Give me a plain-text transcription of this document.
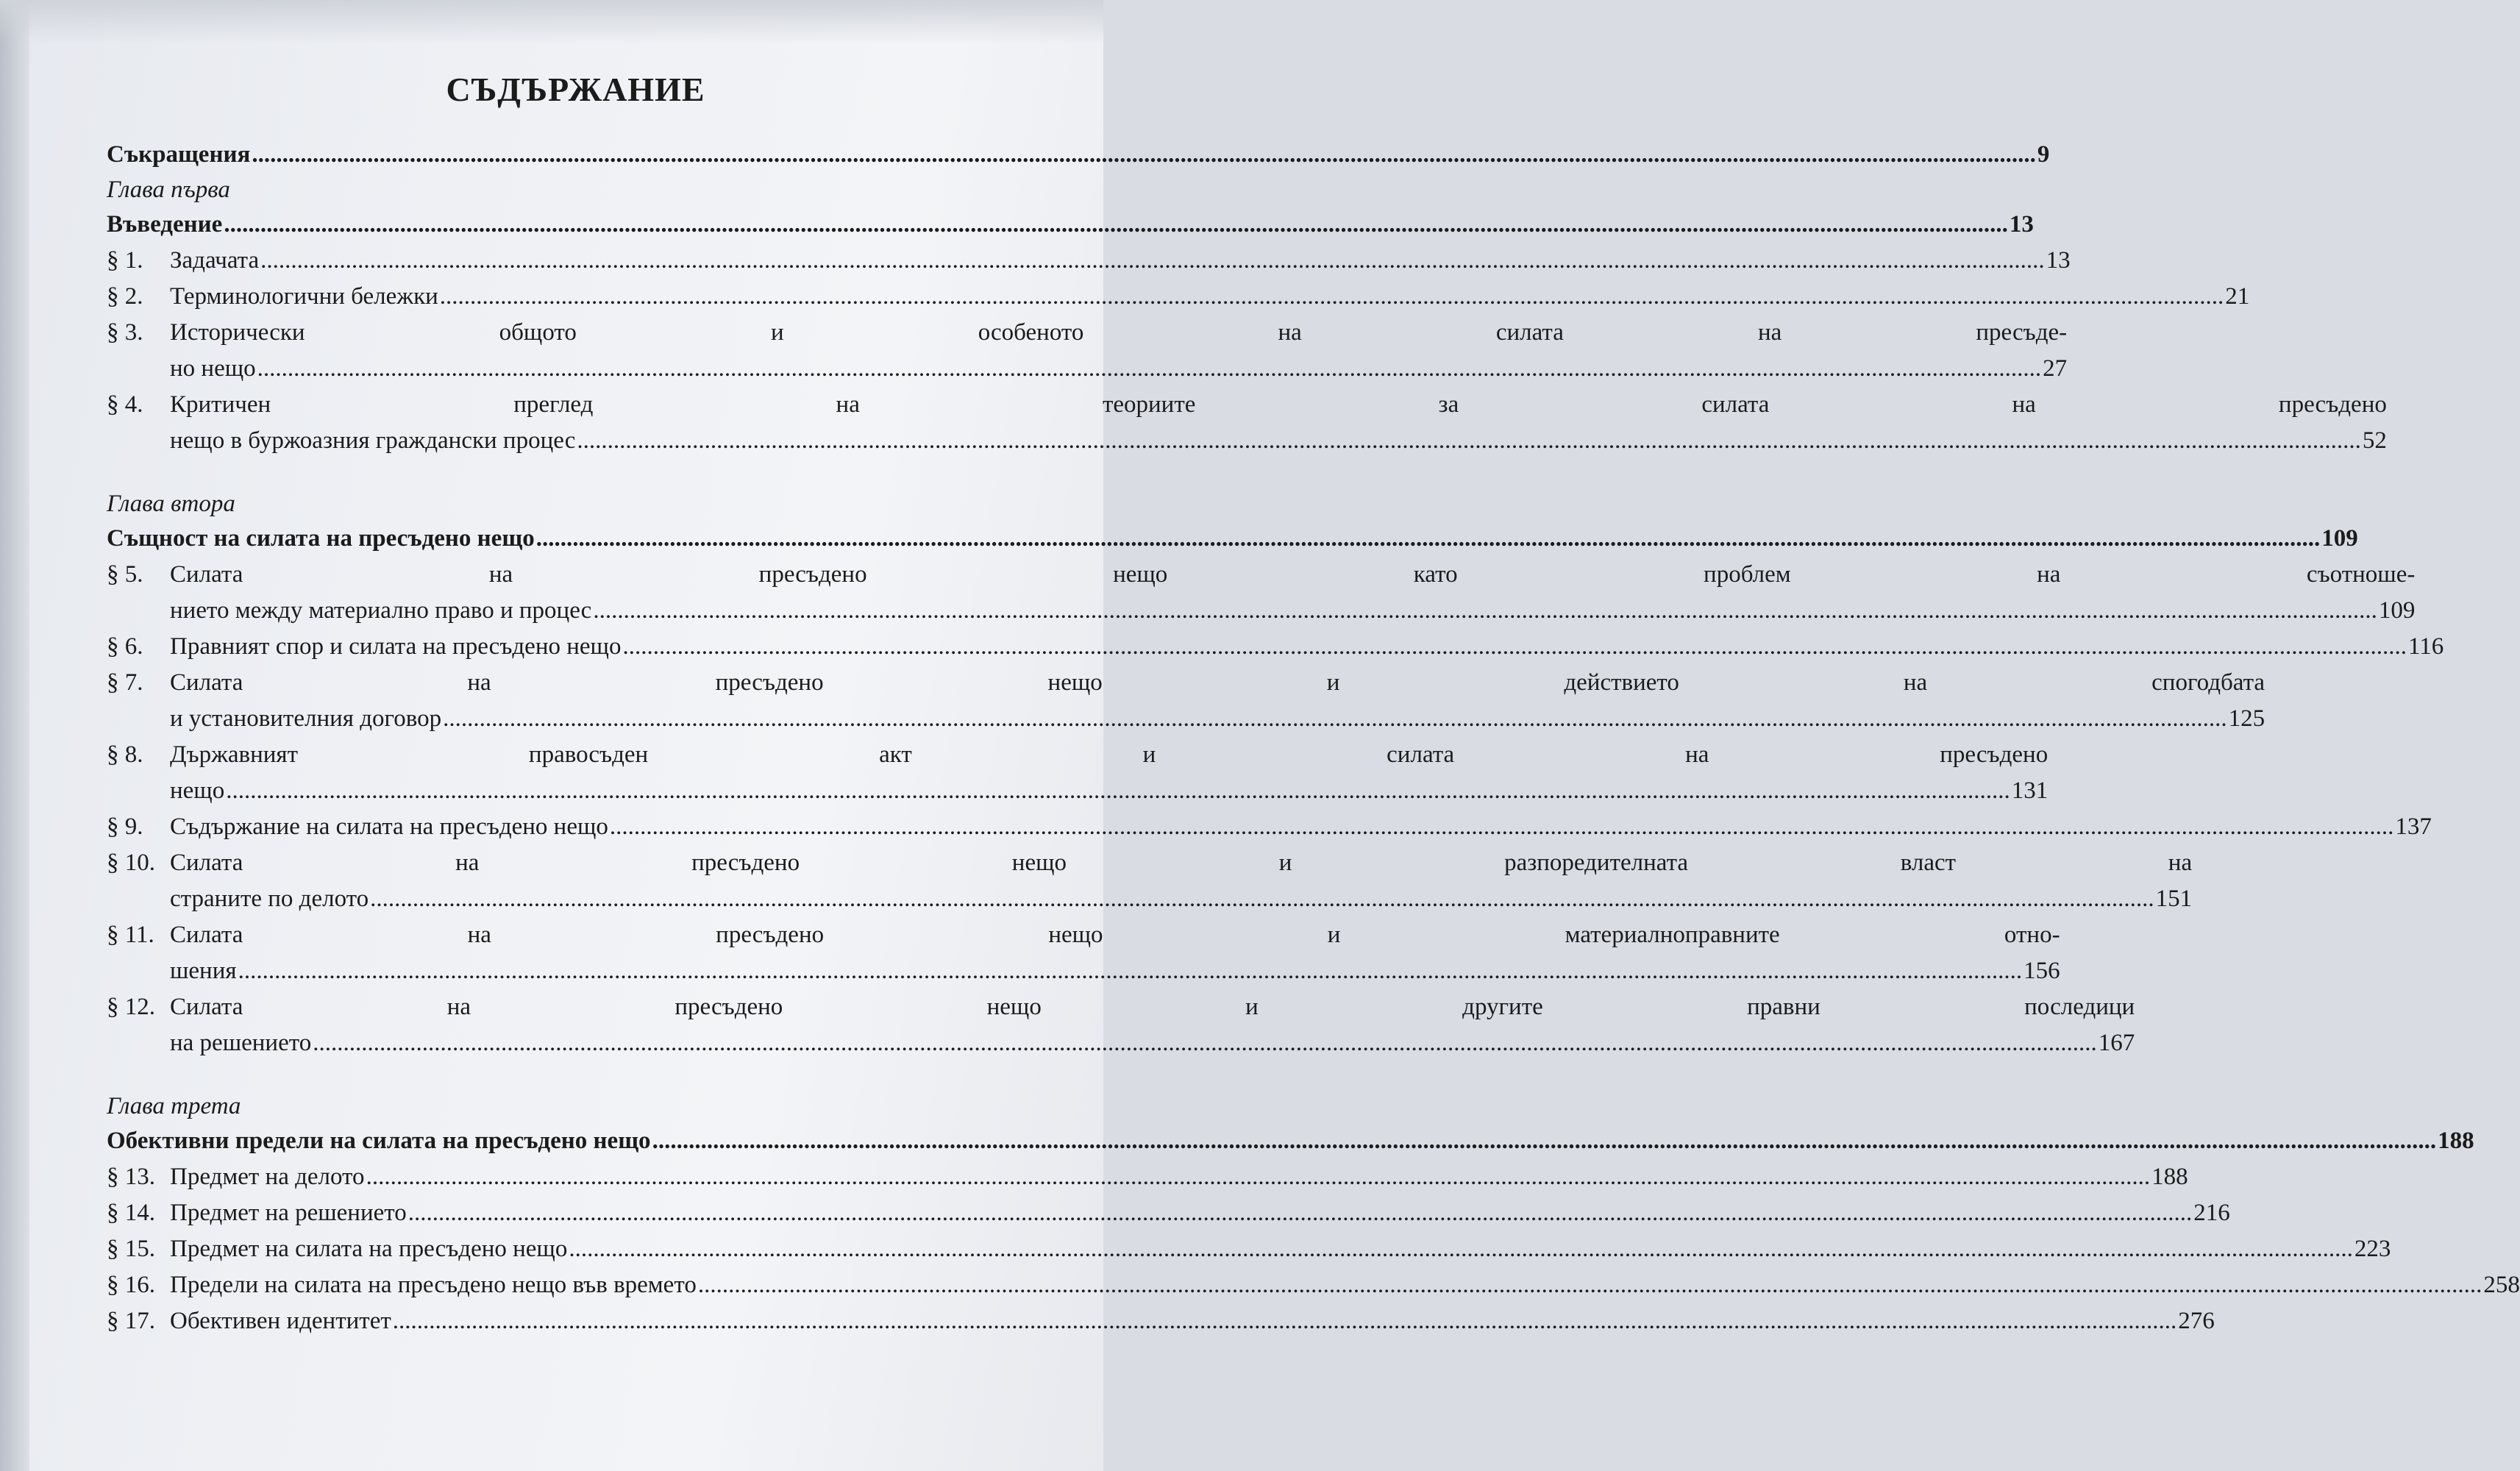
СЪДЪРЖАНИЕ
Съкращения .....	9
Глава първа
Въведение .....	13
§ 1.	Задачата .....	13
§ 2.	Терминологични бележки .....	21
§ 3.	Исторически общото и особеното на силата на пресъде-
но нещо .....	27
§ 4.	Критичен преглед на теориите за силата на пресъдено
нещо в буржоазния граждански процес .....	52
Глава втора
Същност на силата на пресъдено нещо .....	109
§ 5.	Силата на пресъдено нещо като проблем на съотноше-
нието между материално право и процес .....	109
§ 6.	Правният спор и силата на пресъдено нещо .....	116
§ 7.	Силата на пресъдено нещо и действието на спогодбата
и установителния договор .....	125
§ 8.	Държавният правосъден акт и силата на пресъдено
нещо .....	131
§ 9.	Съдържание на силата на пресъдено нещо .....	137
§ 10. Силата на пресъдено нещо и разпоредителната власт на
страните по делото .....	151
§ 11. Силата на пресъдено нещо и материалноправните отно-
шения .....	156
§ 12. Силата на пресъдено нещо и другите правни последици
на решението .....	167
Глава трета
Обективни предели на силата на пресъдено нещо .....	188
§ 13. Предмет на делото .....	188
§ 14. Предмет на решението .....	216
§ 15. Предмет на силата на пресъдено нещо .....	223
§ 16. Предели на силата на пресъдено нещо във времето .....	258
§ 17. Обективен идентитет .....	276
